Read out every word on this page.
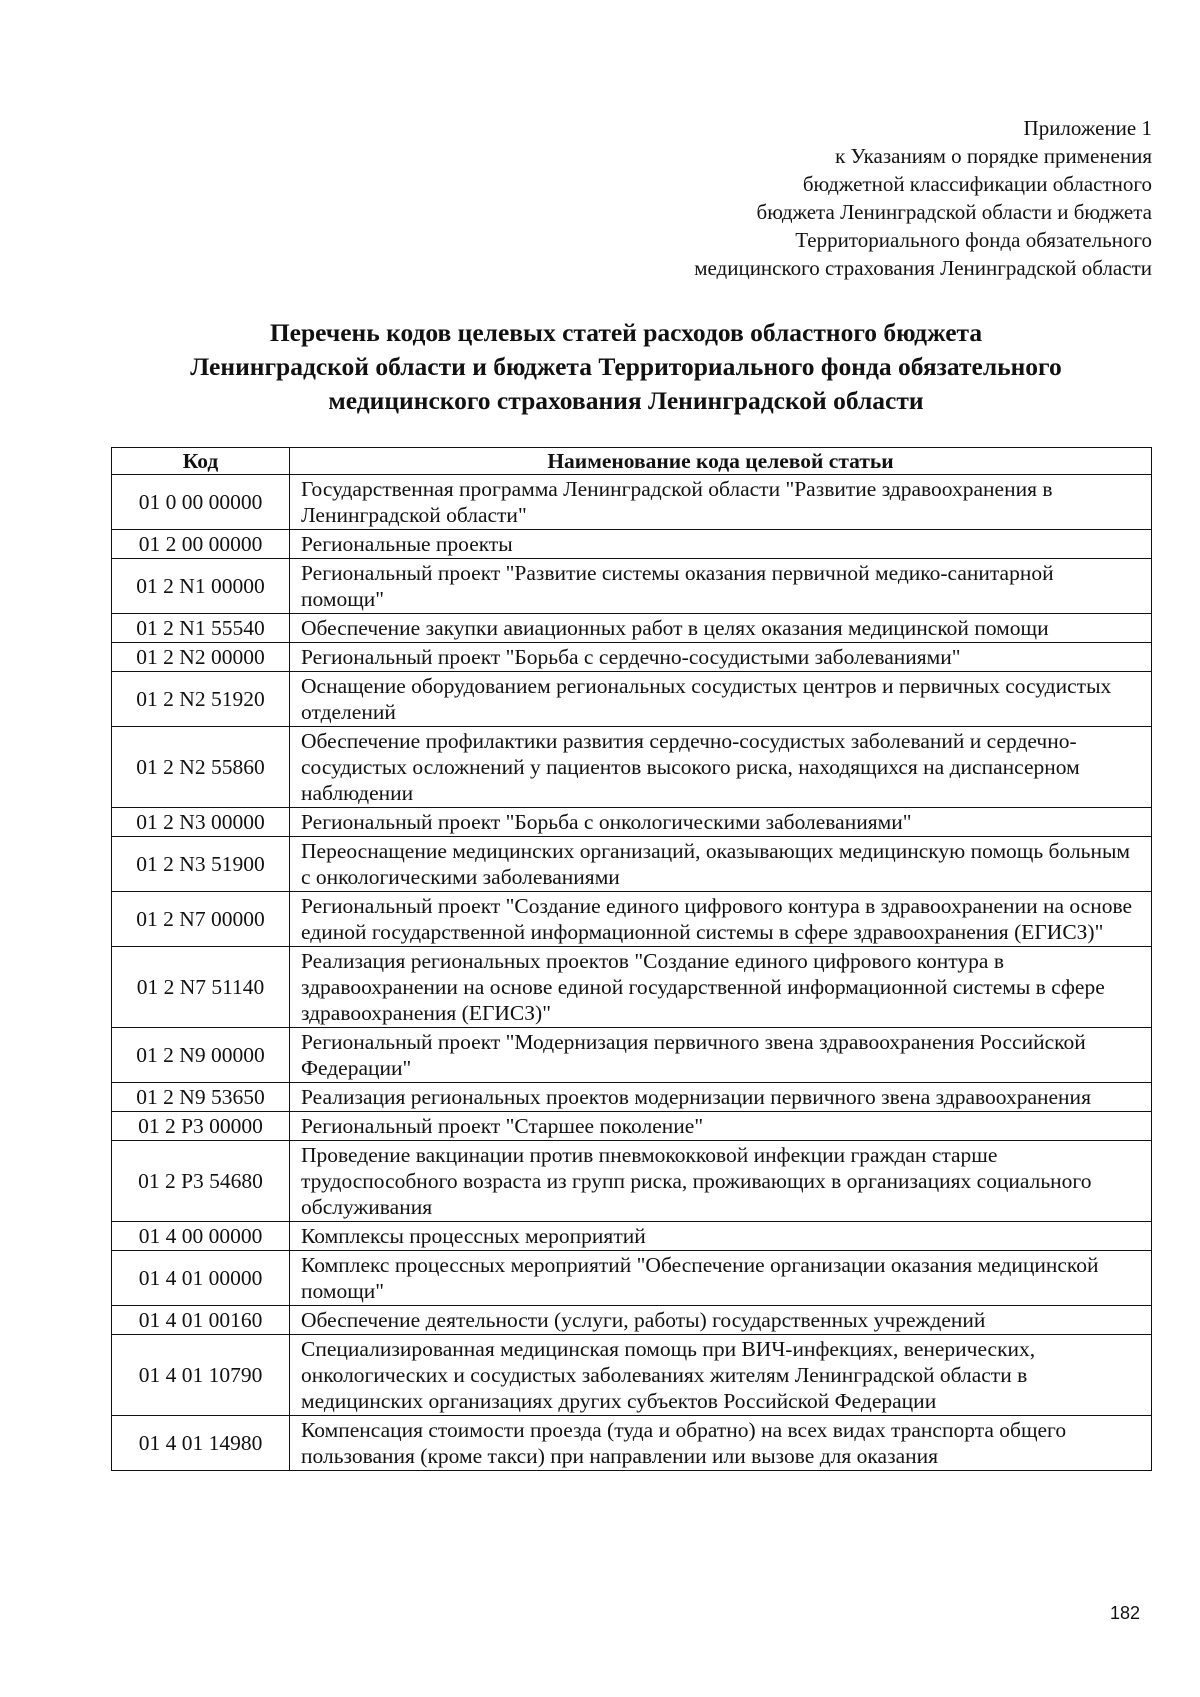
Приложение 1
к Указаниям о порядке применения
бюджетной классификации областного
бюджета Ленинградской области и бюджета
Территориального фонда обязательного
медицинского страхования Ленинградской области
Перечень кодов целевых статей расходов областного бюджета
Ленинградской области и бюджета Территориального фонда обязательного
медицинского страхования Ленинградской области
Код	Наименование кода целевой статьи
01 0 00 00000	Государственная программа Ленинградской области "Развитие здравоохранения в Ленинградской области"
01 2 00 00000	Региональные проекты
01 2 N1 00000	Региональный проект "Развитие системы оказания первичной медико-санитарной помощи"
01 2 N1 55540	Обеспечение закупки авиационных работ в целях оказания медицинской помощи
01 2 N2 00000	Региональный проект "Борьба с сердечно-сосудистыми заболеваниями"
01 2 N2 51920	Оснащение оборудованием региональных сосудистых центров и первичных сосудистых отделений
01 2 N2 55860	Обеспечение профилактики развития сердечно-сосудистых заболеваний и сердечно-сосудистых осложнений у пациентов высокого риска, находящихся на диспансерном наблюдении
01 2 N3 00000	Региональный проект "Борьба с онкологическими заболеваниями"
01 2 N3 51900	Переоснащение медицинских организаций, оказывающих медицинскую помощь больным с онкологическими заболеваниями
01 2 N7 00000	Региональный проект "Создание единого цифрового контура в здравоохранении на основе единой государственной информационной системы в сфере здравоохранения (ЕГИСЗ)"
01 2 N7 51140	Реализация региональных проектов "Создание единого цифрового контура в здравоохранении на основе единой государственной информационной системы в сфере здравоохранения (ЕГИСЗ)"
01 2 N9 00000	Региональный проект "Модернизация первичного звена здравоохранения Российской Федерации"
01 2 N9 53650	Реализация региональных проектов модернизации первичного звена здравоохранения
01 2 P3 00000	Региональный проект "Старшее поколение"
01 2 P3 54680	Проведение вакцинации против пневмококковой инфекции граждан старше трудоспособного возраста из групп риска, проживающих в организациях социального обслуживания
01 4 00 00000	Комплексы процессных мероприятий
01 4 01 00000	Комплекс процессных мероприятий "Обеспечение организации оказания медицинской помощи"
01 4 01 00160	Обеспечение деятельности (услуги, работы) государственных учреждений
01 4 01 10790	Специализированная медицинская помощь при ВИЧ-инфекциях, венерических, онкологических и сосудистых заболеваниях жителям Ленинградской области в медицинских организациях других субъектов Российской Федерации
01 4 01 14980	Компенсация стоимости проезда (туда и обратно) на всех видах транспорта общего пользования (кроме такси) при направлении или вызове для оказания
182
